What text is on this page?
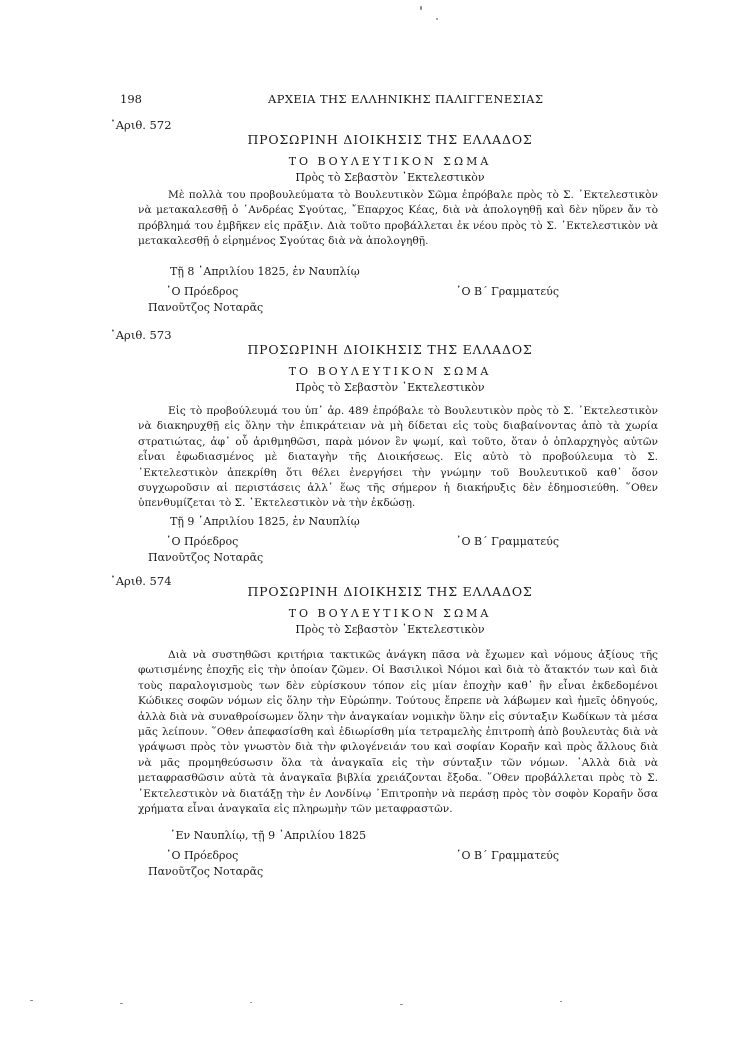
198	ΑΡΧΕΙΑ ΤΗΣ ΕΛΛΗΝΙΚΗΣ ΠΑΛΙΓΓΕΝΕΣΙΑΣ
᾿Αριθ. 572
ΠΡΟΣΩΡΙΝΗ ΔΙΟΙΚΗΣΙΣ ΤΗΣ ΕΛΛΑΔΟΣ
ΤΟ ΒΟΥΛΕΥΤΙΚΟΝ ΣΩΜΑ
Πρὸς τὸ Σεβαστὸν ᾿Εκτελεστικὸν

Μὲ πολλὰ του προβουλεύματα τὸ Βουλευτικὸν Σῶμα ἐπρόβαλε πρὸς τὸ Σ. ᾿Εκτελεστικὸν νὰ μετακαλεσθῇ ὁ ᾿Ανδρέας Σγούτας, ῎Επαρχος Κέας, διὰ νὰ ἀπολογηθῇ καὶ δὲν ηὕρεν ἄν τὸ πρόβλημά του ἐμβῆκεν εἰς πρᾶξιν. Διὰ τοῦτο προβάλλεται ἐκ νέου πρὸς τὸ Σ. ᾿Εκτελεστικὸν νὰ μετακαλεσθῇ ὁ εἰρημένος Σγούτας διὰ νὰ ἀπολογηθῇ.

Τῇ 8 ᾿Απριλίου 1825, ἐν Ναυπλίῳ
῾Ο Πρόεδρος	῾Ο Β΄ Γραμματεύς
Πανοῦτζος Νοταρᾶς
᾿Αριθ. 573
ΠΡΟΣΩΡΙΝΗ ΔΙΟΙΚΗΣΙΣ ΤΗΣ ΕΛΛΑΔΟΣ
ΤΟ ΒΟΥΛΕΥΤΙΚΟΝ ΣΩΜΑ
Πρὸς τὸ Σεβαστὸν ᾿Εκτελεστικὸν

Εἰς τὸ προβούλευμά του ὑπ᾿ ἀρ. 489 ἐπρόβαλε τὸ Βουλευτικὸν πρὸς τὸ Σ. ᾿Εκτελεστικὸν νὰ διακηρυχθῇ εἰς ὅλην τὴν ἐπικράτειαν νὰ μὴ δίδεται εἰς τοὺς διαβαίνοντας ἀπὸ τὰ χωρία στρατιώτας, ἀφ᾿ οὗ ἀριθμηθῶσι, παρὰ μόνον ἓν ψωμί, καὶ τοῦτο, ὅταν ὁ ὁπλαρχηγὸς αὐτῶν εἶναι ἐφωδιασμένος μὲ διαταγὴν τῆς Διοικήσεως. Εἰς αὐτὸ τὸ προβούλευμα τὸ Σ. ᾿Εκτελεστικὸν ἀπεκρίθη ὅτι θέλει ἐνεργήσει τὴν γνώμην τοῦ Βουλευτικοῦ καθ᾿ ὅσον συγχωροῦσιν αἱ περιστάσεις ἀλλ᾿ ἕως τῆς σήμερον ἡ διακήρυξις δὲν ἐδημοσιεύθη. ῞Οθεν ὑπενθυμίζεται τὸ Σ. ᾿Εκτελεστικὸν νὰ τὴν ἐκδώσῃ.

Τῇ 9 ᾿Απριλίου 1825, ἐν Ναυπλίῳ
῾Ο Πρόεδρος	῾Ο Β΄ Γραμματεύς
Πανοῦτζος Νοταρᾶς
᾿Αριθ. 574
ΠΡΟΣΩΡΙΝΗ ΔΙΟΙΚΗΣΙΣ ΤΗΣ ΕΛΛΑΔΟΣ
ΤΟ ΒΟΥΛΕΥΤΙΚΟΝ ΣΩΜΑ
Πρὸς τὸ Σεβαστὸν ᾿Εκτελεστικὸν

Διὰ νὰ συστηθῶσι κριτήρια τακτικῶς ἀνάγκη πᾶσα νὰ ἔχωμεν καὶ νόμους ἀξίους τῆς φωτισμένης ἐποχῆς εἰς τὴν ὁποίαν ζῶμεν. Οἱ Βασιλικοὶ Νόμοι καὶ διὰ τὸ ἄτακτόν των καὶ διὰ τοὺς παραλογισμοὺς των δὲν εὑρίσκουν τόπον εἰς μίαν ἐποχὴν καθ᾿ ἣν εἶναι ἐκδεδομένοι Κώδικες σοφῶν νόμων εἰς ὅλην τὴν Εὐρώπην. Τούτους ἔπρεπε νὰ λάβωμεν καὶ ἡμεῖς ὁδηγούς, ἀλλὰ διὰ νὰ συναθροίσωμεν ὅλην τὴν ἀναγκαίαν νομικὴν ὕλην εἰς σύνταξιν Κωδίκων τὰ μέσα μᾶς λείπουν. ῞Οθεν ἀπεφασίσθη καὶ ἐδιωρίσθη μία τετραμελὴς ἐπιτροπὴ ἀπὸ βουλευτὰς διὰ νὰ γράψωσι πρὸς τὸν γνωστὸν διὰ τὴν φιλογένειάν του καὶ σοφίαν Κοραῆν καὶ πρὸς ἄλλους διὰ νὰ μᾶς προμηθεύσωσιν ὅλα τὰ ἀναγκαῖα εἰς τὴν σύνταξιν τῶν νόμων. ᾿Αλλὰ διὰ νὰ μεταφρασθῶσιν αὐτὰ τὰ ἀναγκαῖα βιβλία χρειάζονται ἔξοδα. ῞Οθεν προβάλλεται πρὸς τὸ Σ. ᾿Εκτελεστικὸν νὰ διατάξῃ τὴν ἐν Λονδίνῳ ᾿Επιτροπὴν νὰ περάσῃ πρὸς τὸν σοφὸν Κοραῆν ὅσα χρήματα εἶναι ἀναγκαῖα εἰς πληρωμὴν τῶν μεταφραστῶν.

᾿Εν Ναυπλίῳ, τῇ 9 ᾿Απριλίου 1825
῾Ο Πρόεδρος	῾Ο Β΄ Γραμματεύς
Πανοῦτζος Νοταρᾶς
